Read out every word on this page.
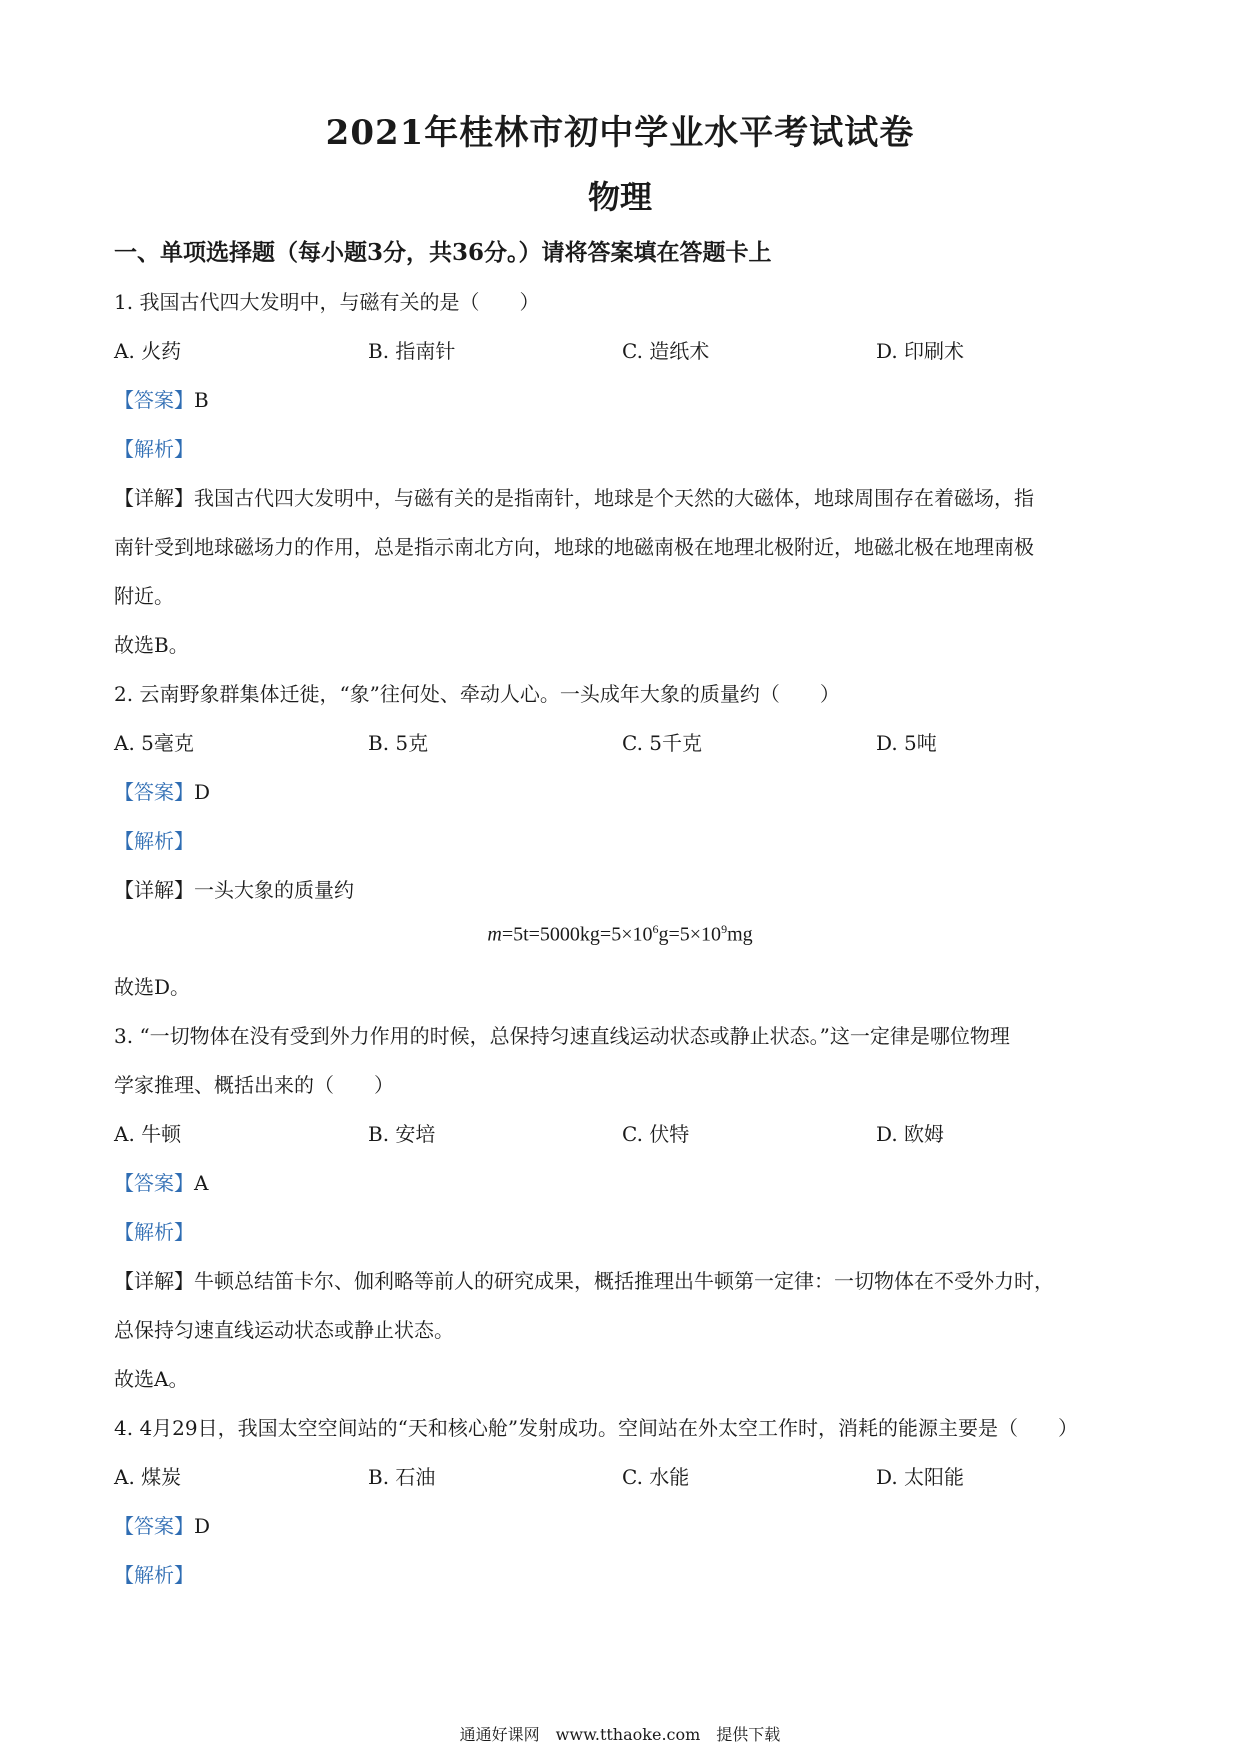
2021年桂林市初中学业水平考试试卷
物理
一、单项选择题（每小题3分，共36分。）请将答案填在答题卡上
1. 我国古代四大发明中，与磁有关的是（　　）
A. 火药	B. 指南针	C. 造纸术	D. 印刷术
【答案】B
【解析】
【详解】我国古代四大发明中，与磁有关的是指南针，地球是个天然的大磁体，地球周围存在着磁场，指
南针受到地球磁场力的作用，总是指示南北方向，地球的地磁南极在地理北极附近，地磁北极在地理南极
附近。
故选B。
2. 云南野象群集体迁徙，“象”往何处、牵动人心。一头成年大象的质量约（　　）
A. 5毫克	B. 5克	C. 5千克	D. 5吨
【答案】D
【解析】
【详解】一头大象的质量约
$m=5t=5000kg=5\times 10^6g=5\times 10^9mg$
故选D。
3. “一切物体在没有受到外力作用的时候，总保持匀速直线运动状态或静止状态。”这一定律是哪位物理
学家推理、概括出来的（　　）
A. 牛顿	B. 安培	C. 伏特	D. 欧姆
【答案】A
【解析】
【详解】牛顿总结笛卡尔、伽利略等前人的研究成果，概括推理出牛顿第一定律：一切物体在不受外力时，
总保持匀速直线运动状态或静止状态。
故选A。
4. 4月29日，我国太空空间站的“天和核心舱”发射成功。空间站在外太空工作时，消耗的能源主要是（　　）
A. 煤炭	B. 石油	C. 水能	D. 太阳能
【答案】D
【解析】
通通好课网　www.tthaoke.com　提供下载
